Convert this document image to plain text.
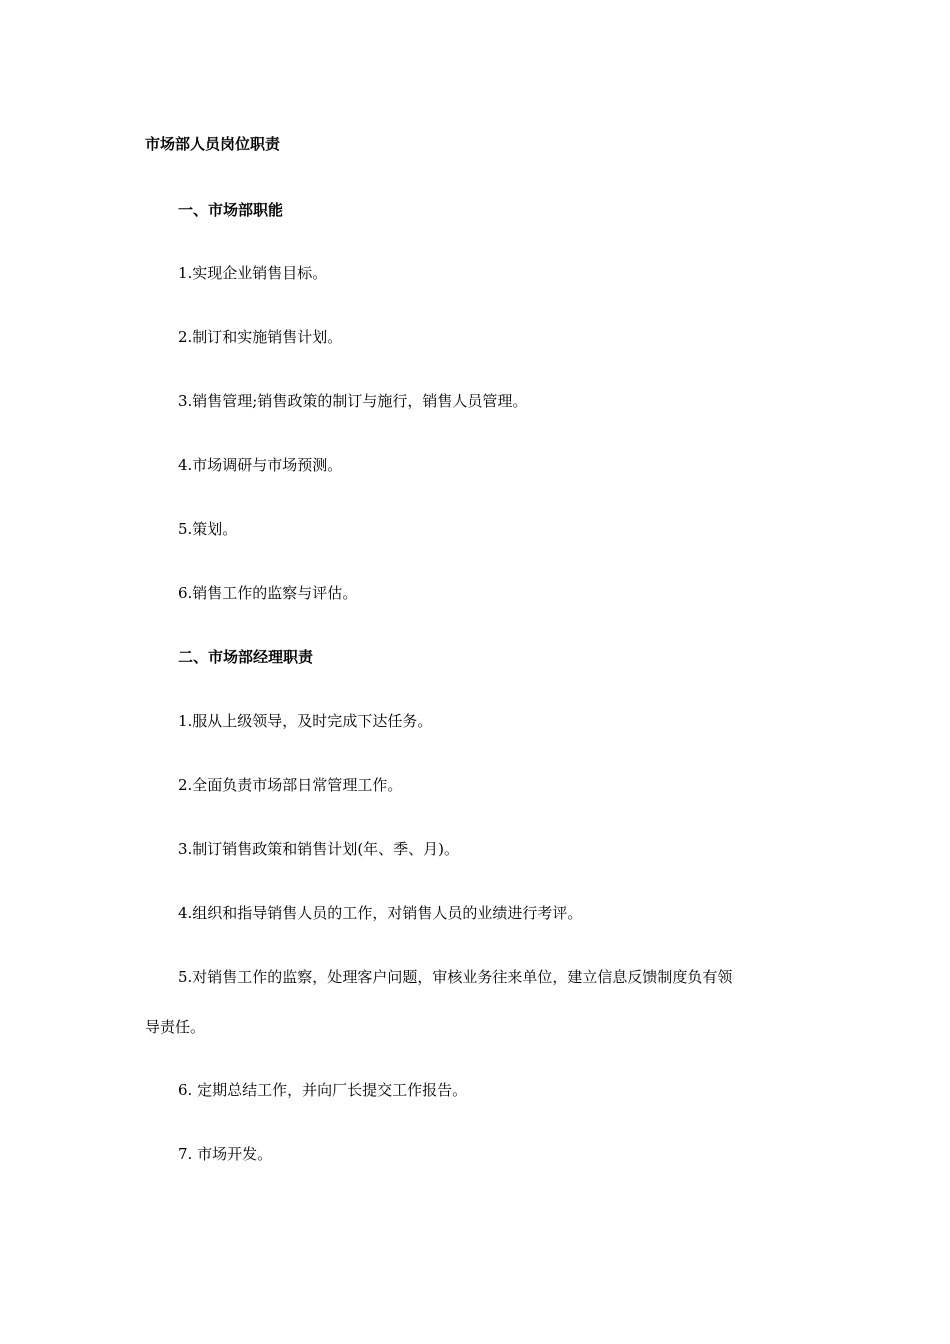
市场部人员岗位职责
一、市场部职能
1.实现企业销售目标。
2.制订和实施销售计划。
3.销售管理;销售政策的制订与施行，销售人员管理。
4.市场调研与市场预测。
5.策划。
6.销售工作的监察与评估。
二、市场部经理职责
1.服从上级领导，及时完成下达任务。
2.全面负责市场部日常管理工作。
3.制订销售政策和销售计划(年、季、月)。
4.组织和指导销售人员的工作，对销售人员的业绩进行考评。
5.对销售工作的监察，处理客户问题，审核业务往来单位，建立信息反馈制度负有领
导责任。
6. 定期总结工作，并向厂长提交工作报告。
7. 市场开发。
